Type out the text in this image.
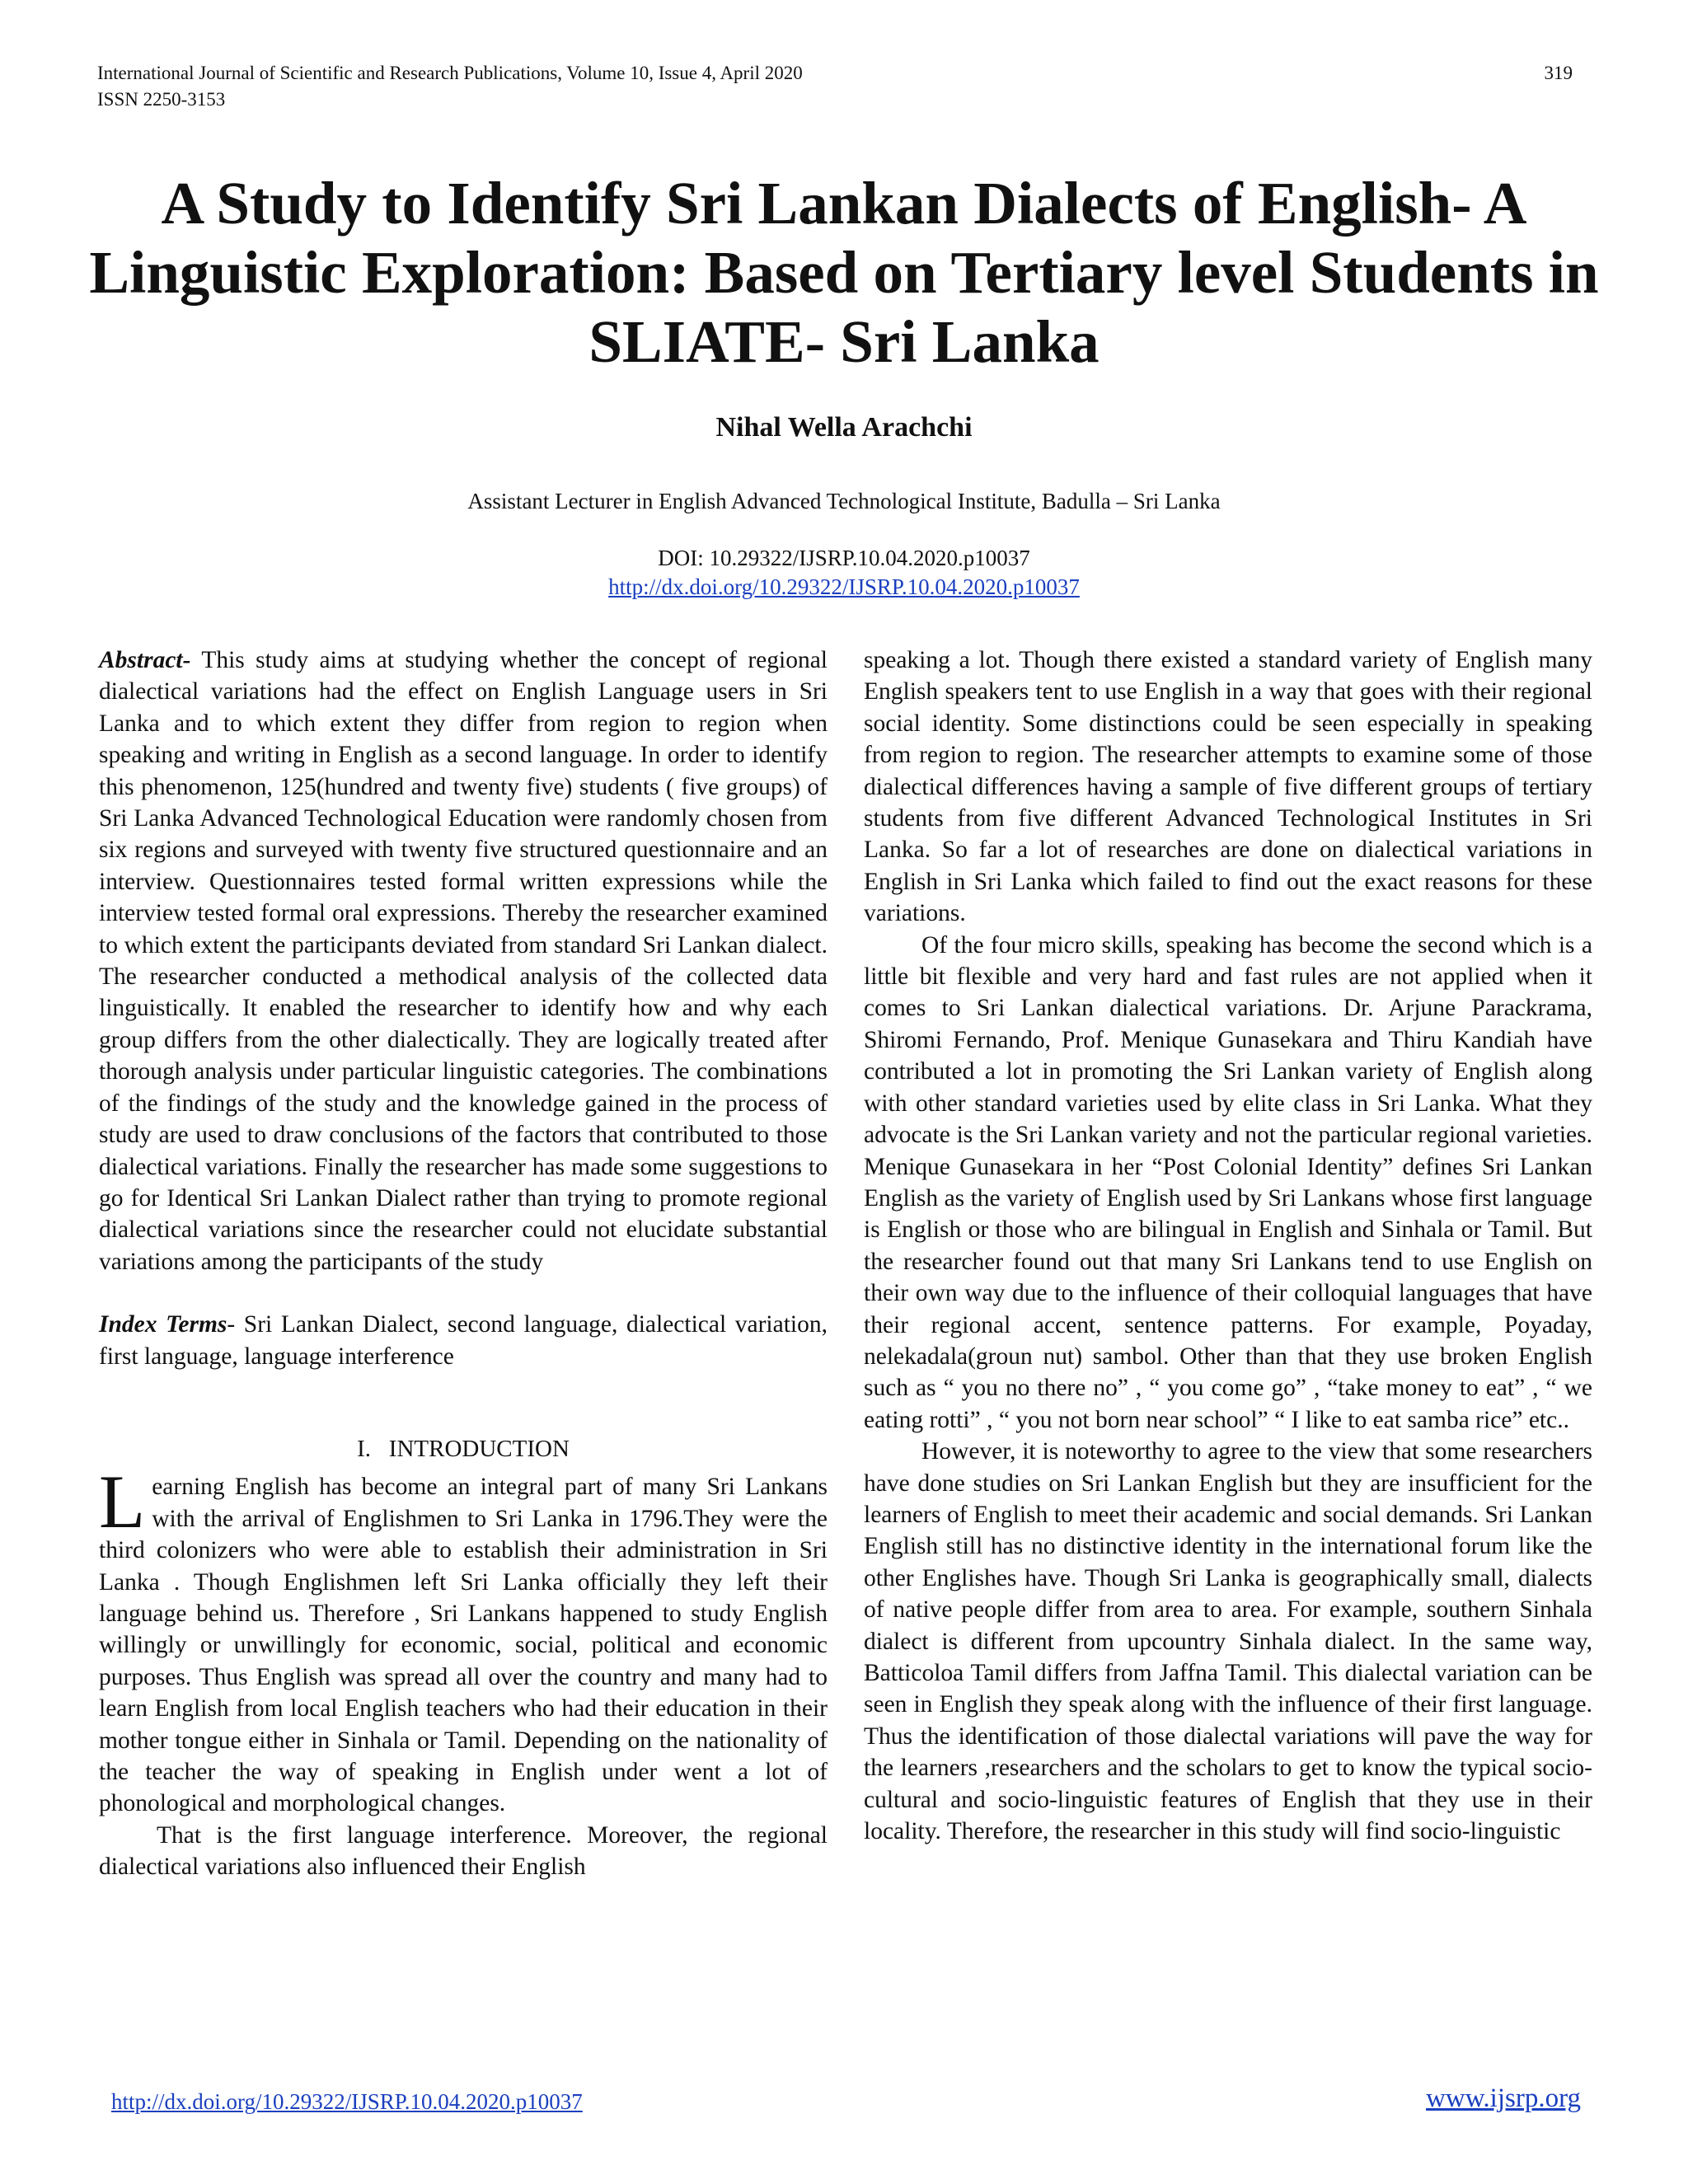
International Journal of Scientific and Research Publications, Volume 10, Issue 4, April 2020
ISSN 2250-3153
319
A Study to Identify Sri Lankan Dialects of English- A Linguistic Exploration: Based on Tertiary level Students in SLIATE- Sri Lanka
Nihal Wella Arachchi
Assistant Lecturer in English Advanced Technological Institute, Badulla – Sri Lanka
DOI: 10.29322/IJSRP.10.04.2020.p10037
http://dx.doi.org/10.29322/IJSRP.10.04.2020.p10037

Abstract- This study aims at studying whether the concept of regional dialectical variations had the effect on English Language users in Sri Lanka and to which extent they differ from region to region when speaking and writing in English as a second language. In order to identify this phenomenon, 125(hundred and twenty five) students ( five groups) of Sri Lanka Advanced Technological Education were randomly chosen from six regions and surveyed with twenty five structured questionnaire and an interview. Questionnaires tested formal written expressions while the interview tested formal oral expressions. Thereby the researcher examined to which extent the participants deviated from standard Sri Lankan dialect. The researcher conducted a methodical analysis of the collected data linguistically. It enabled the researcher to identify how and why each group differs from the other dialectically. They are logically treated after thorough analysis under particular linguistic categories. The combinations of the findings of the study and the knowledge gained in the process of study are used to draw conclusions of the factors that contributed to those dialectical variations. Finally the researcher has made some suggestions to go for Identical Sri Lankan Dialect rather than trying to promote regional dialectical variations since the researcher could not elucidate substantial variations among the participants of the study

Index Terms- Sri Lankan Dialect, second language, dialectical variation, first language, language interference

I. INTRODUCTION

Learning English has become an integral part of many Sri Lankans with the arrival of Englishmen to Sri Lanka in 1796.They were the third colonizers who were able to establish their administration in Sri Lanka . Though Englishmen left Sri Lanka officially they left their language behind us. Therefore , Sri Lankans happened to study English willingly or unwillingly for economic, social, political and economic purposes. Thus English was spread all over the country and many had to learn English from local English teachers who had their education in their mother tongue either in Sinhala or Tamil. Depending on the nationality of the teacher the way of speaking in English under went a lot of phonological and morphological changes.

That is the first language interference. Moreover, the regional dialectical variations also influenced their English

speaking a lot. Though there existed a standard variety of English many English speakers tent to use English in a way that goes with their regional social identity. Some distinctions could be seen especially in speaking from region to region. The researcher attempts to examine some of those dialectical differences having a sample of five different groups of tertiary students from five different Advanced Technological Institutes in Sri Lanka. So far a lot of researches are done on dialectical variations in English in Sri Lanka which failed to find out the exact reasons for these variations.

Of the four micro skills, speaking has become the second which is a little bit flexible and very hard and fast rules are not applied when it comes to Sri Lankan dialectical variations. Dr. Arjune Parackrama, Shiromi Fernando, Prof. Menique Gunasekara and Thiru Kandiah have contributed a lot in promoting the Sri Lankan variety of English along with other standard varieties used by elite class in Sri Lanka. What they advocate is the Sri Lankan variety and not the particular regional varieties. Menique Gunasekara in her “Post Colonial Identity” defines Sri Lankan English as the variety of English used by Sri Lankans whose first language is English or those who are bilingual in English and Sinhala or Tamil. But the researcher found out that many Sri Lankans tend to use English on their own way due to the influence of their colloquial languages that have their regional accent, sentence patterns. For example, Poyaday, nelekadala(groun nut) sambol. Other than that they use broken English such as “ you no there no” , “ you come go” , “take money to eat” , “ we eating rotti” , “ you not born near school” “ I like to eat samba rice” etc..

However, it is noteworthy to agree to the view that some researchers have done studies on Sri Lankan English but they are insufficient for the learners of English to meet their academic and social demands. Sri Lankan English still has no distinctive identity in the international forum like the other Englishes have. Though Sri Lanka is geographically small, dialects of native people differ from area to area. For example, southern Sinhala dialect is different from upcountry Sinhala dialect. In the same way, Batticoloa Tamil differs from Jaffna Tamil. This dialectal variation can be seen in English they speak along with the influence of their first language. Thus the identification of those dialectal variations will pave the way for the learners ,researchers and the scholars to get to know the typical socio-cultural and socio-linguistic features of English that they use in their locality. Therefore, the researcher in this study will find socio-linguistic

http://dx.doi.org/10.29322/IJSRP.10.04.2020.p10037	www.ijsrp.org
